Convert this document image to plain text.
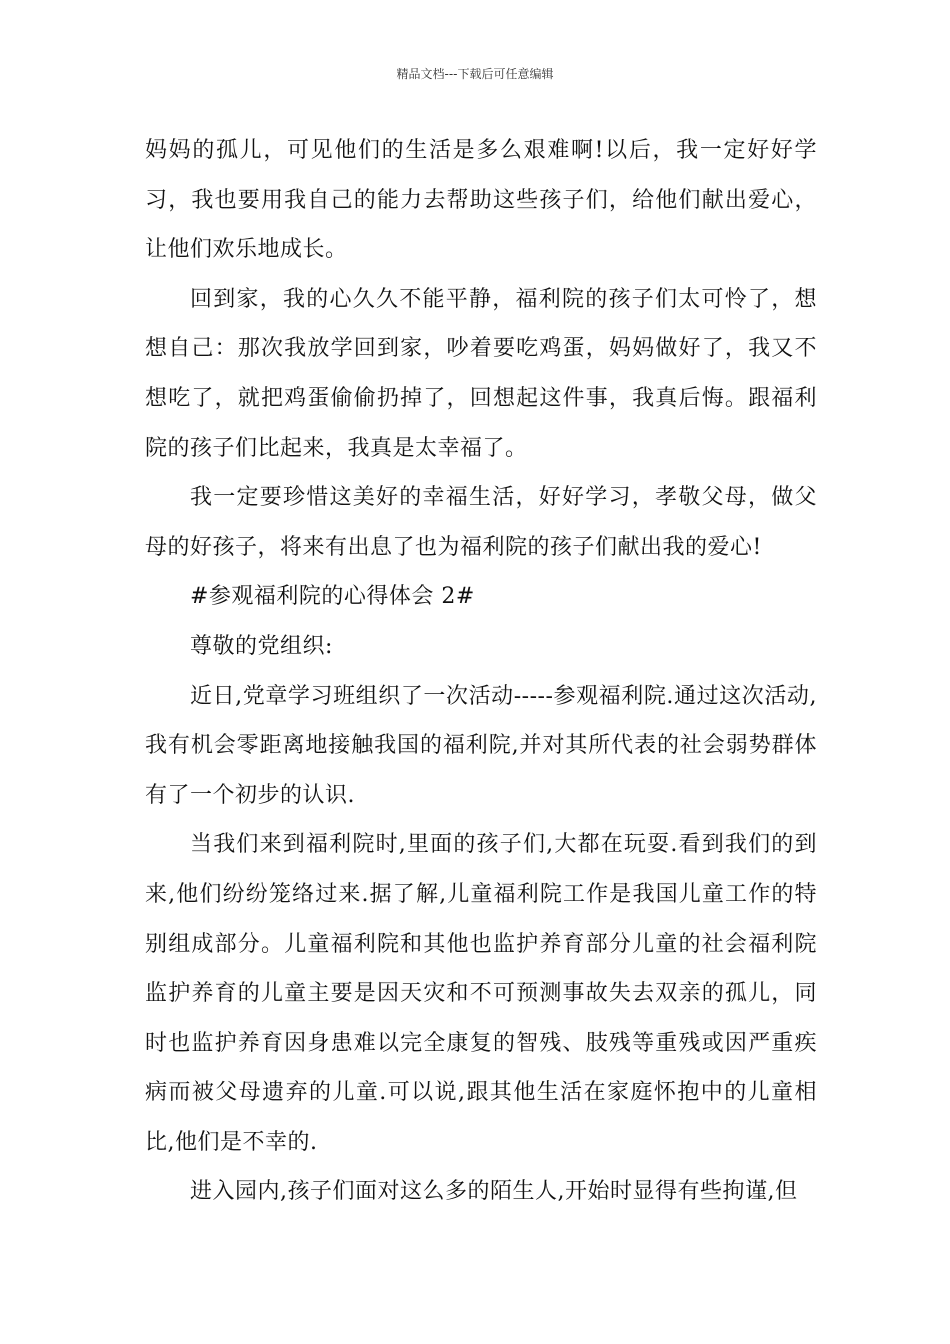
精品文档---下载后可任意编辑

妈妈的孤儿，可见他们的生活是多么艰难啊!以后，我一定好好学习，我也要用我自己的能力去帮助这些孩子们，给他们献出爱心，让他们欢乐地成长。

回到家，我的心久久不能平静，福利院的孩子们太可怜了，想想自己：那次我放学回到家，吵着要吃鸡蛋，妈妈做好了，我又不想吃了，就把鸡蛋偷偷扔掉了，回想起这件事，我真后悔。跟福利院的孩子们比起来，我真是太幸福了。

我一定要珍惜这美好的幸福生活，好好学习，孝敬父母，做父母的好孩子，将来有出息了也为福利院的孩子们献出我的爱心!

#参观福利院的心得体会 2#

尊敬的党组织:

近日,党章学习班组织了一次活动-----参观福利院.通过这次活动,我有机会零距离地接触我国的福利院,并对其所代表的社会弱势群体有了一个初步的认识.

当我们来到福利院时,里面的孩子们,大都在玩耍.看到我们的到来,他们纷纷笼络过来.据了解,儿童福利院工作是我国儿童工作的特别组成部分。儿童福利院和其他也监护养育部分儿童的社会福利院监护养育的儿童主要是因天灾和不可预测事故失去双亲的孤儿，同时也监护养育因身患难以完全康复的智残、肢残等重残或因严重疾病而被父母遗弃的儿童.可以说,跟其他生活在家庭怀抱中的儿童相比,他们是不幸的.

进入园内,孩子们面对这么多的陌生人,开始时显得有些拘谨,但
